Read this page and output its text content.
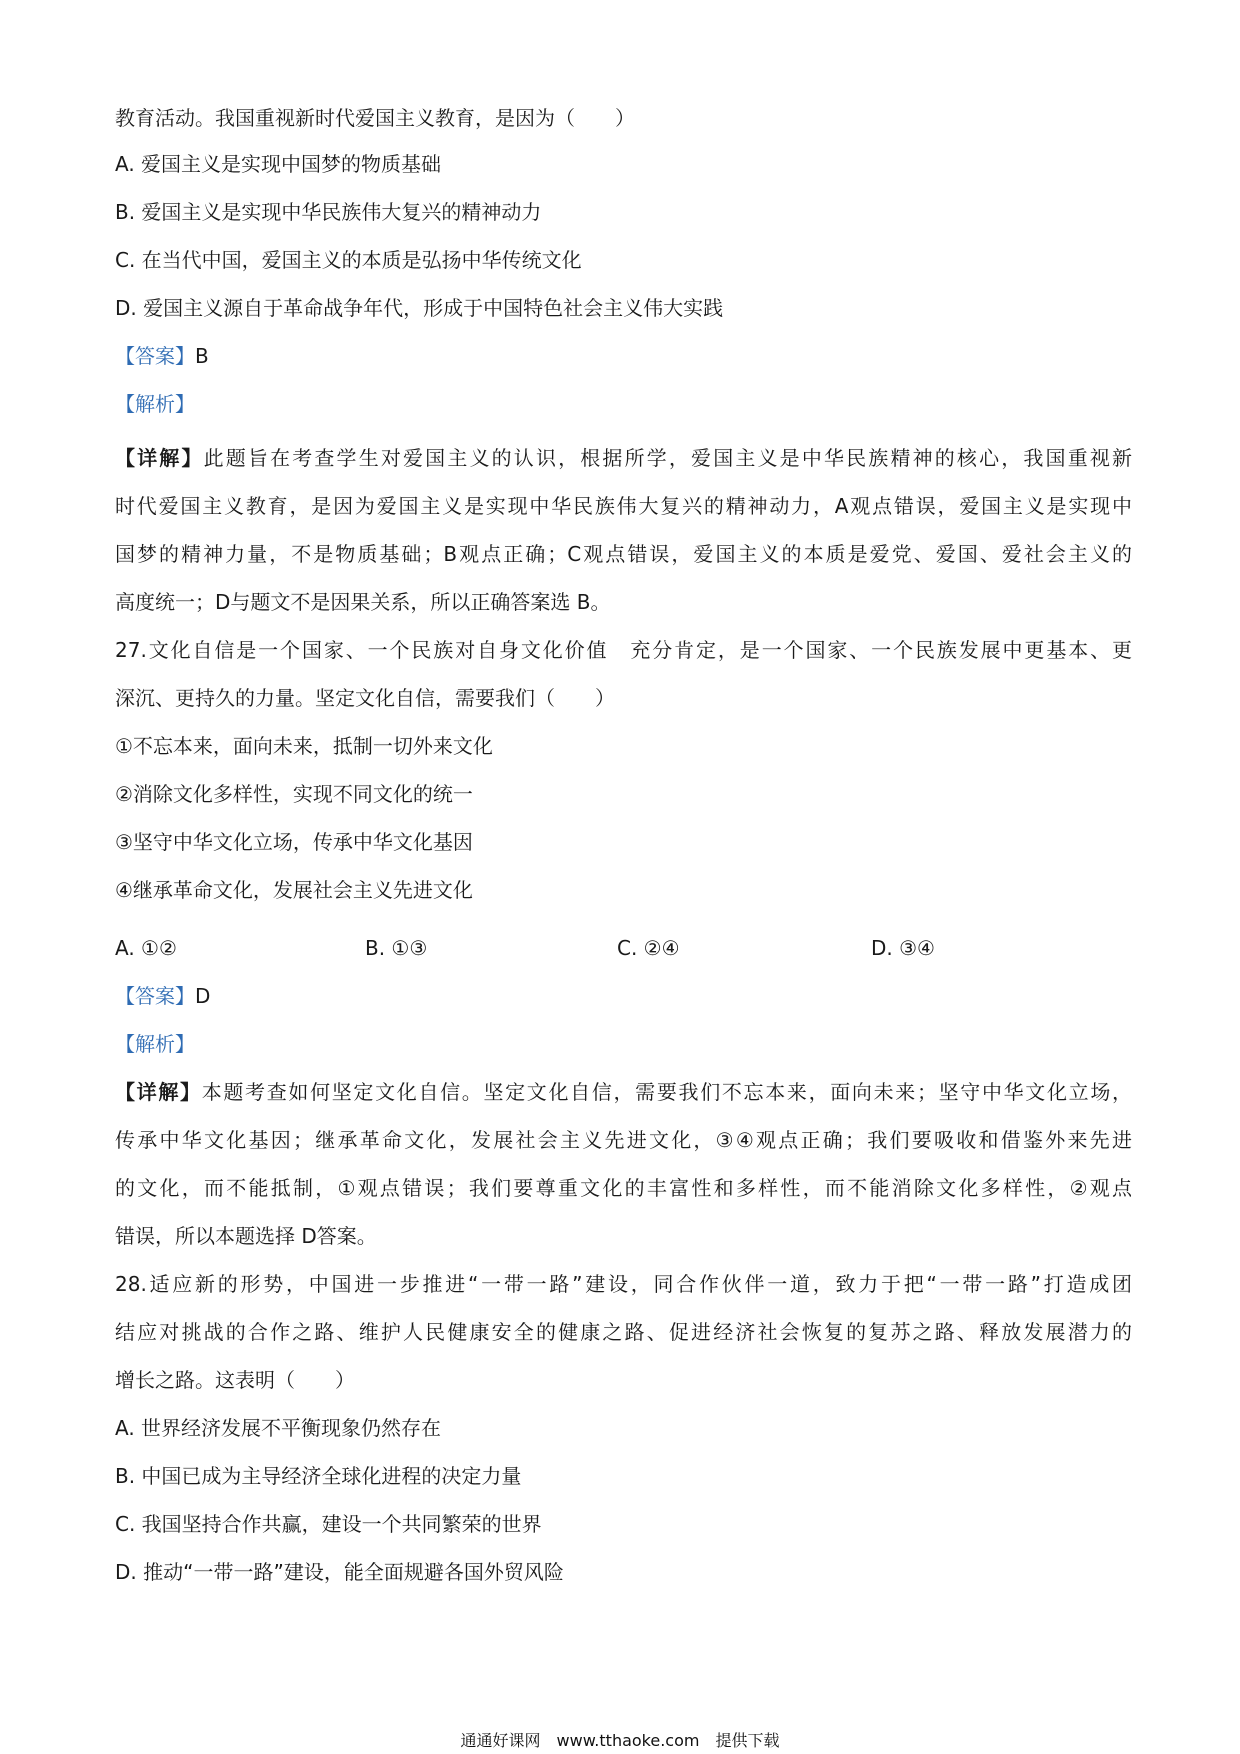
教育活动。我国重视新时代爱国主义教育，是因为（　　）
A. 爱国主义是实现中国梦的物质基础
B. 爱国主义是实现中华民族伟大复兴的精神动力
C. 在当代中国，爱国主义的本质是弘扬中华传统文化
D. 爱国主义源自于革命战争年代，形成于中国特色社会主义伟大实践
【答案】B
【解析】
【详解】此题旨在考查学生对爱国主义的认识，根据所学，爱国主义是中华民族精神的核心，我国重视新
时代爱国主义教育，是因为爱国主义是实现中华民族伟大复兴的精神动力，A观点错误，爱国主义是实现中
国梦的精神力量，不是物质基础；B观点正确；C观点错误，爱国主义的本质是爱党、爱国、爱社会主义的
高度统一；D与题文不是因果关系，所以正确答案选 B。
27.文化自信是一个国家、一个民族对自身文化价值　充分肯定，是一个国家、一个民族发展中更基本、更
深沉、更持久的力量。坚定文化自信，需要我们（　　）
①不忘本来，面向未来，抵制一切外来文化
②消除文化多样性，实现不同文化的统一
③坚守中华文化立场，传承中华文化基因
④继承革命文化，发展社会主义先进文化
A. ①②	B. ①③	C. ②④	D. ③④
【答案】D
【解析】
【详解】本题考查如何坚定文化自信。坚定文化自信，需要我们不忘本来，面向未来；坚守中华文化立场，
传承中华文化基因；继承革命文化，发展社会主义先进文化，③④观点正确；我们要吸收和借鉴外来先进
的文化，而不能抵制，①观点错误；我们要尊重文化的丰富性和多样性，而不能消除文化多样性，②观点
错误，所以本题选择 D答案。
28.适应新的形势，中国进一步推进“一带一路”建设，同合作伙伴一道，致力于把“一带一路”打造成团
结应对挑战的合作之路、维护人民健康安全的健康之路、促进经济社会恢复的复苏之路、释放发展潜力的
增长之路。这表明（　　）
A. 世界经济发展不平衡现象仍然存在
B. 中国已成为主导经济全球化进程的决定力量
C. 我国坚持合作共赢，建设一个共同繁荣的世界
D. 推动“一带一路”建设，能全面规避各国外贸风险
通通好课网　www.tthaoke.com　提供下载
